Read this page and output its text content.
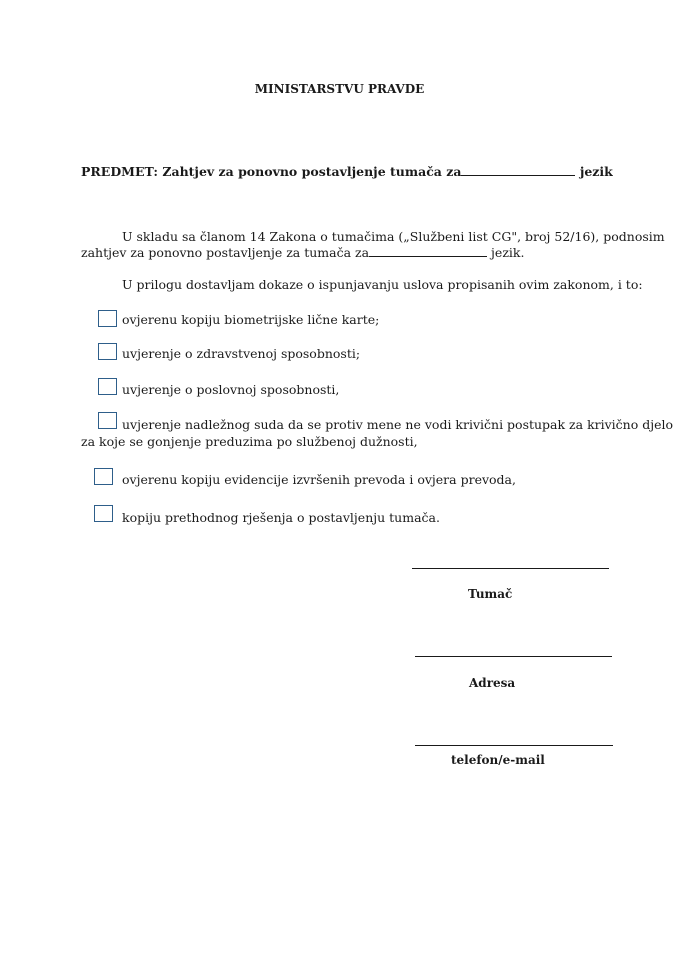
MINISTARSTVU PRAVDE
PREDMET: Zahtjev za ponovno postavljenje tumača za	jezik
U skladu sa članom 14 Zakona o tumačima („Službeni list CG", broj 52/16), podnosim
zahtjev za ponovno postavljenje za tumača za	jezik.
U prilogu dostavljam dokaze o ispunjavanju uslova propisanih ovim zakonom, i to:
ovjerenu kopiju biometrijske lične karte;
uvjerenje o zdravstvenoj sposobnosti;
uvjerenje o poslovnoj sposobnosti,
uvjerenje nadležnog suda da se protiv mene ne vodi krivični postupak za krivično djelo
za koje se gonjenje preduzima po službenoj dužnosti,
ovjerenu kopiju evidencije izvršenih prevoda i ovjera prevoda,
kopiju prethodnog rješenja o postavljenju tumača.
Tumač
Adresa
telefon/e-mail
